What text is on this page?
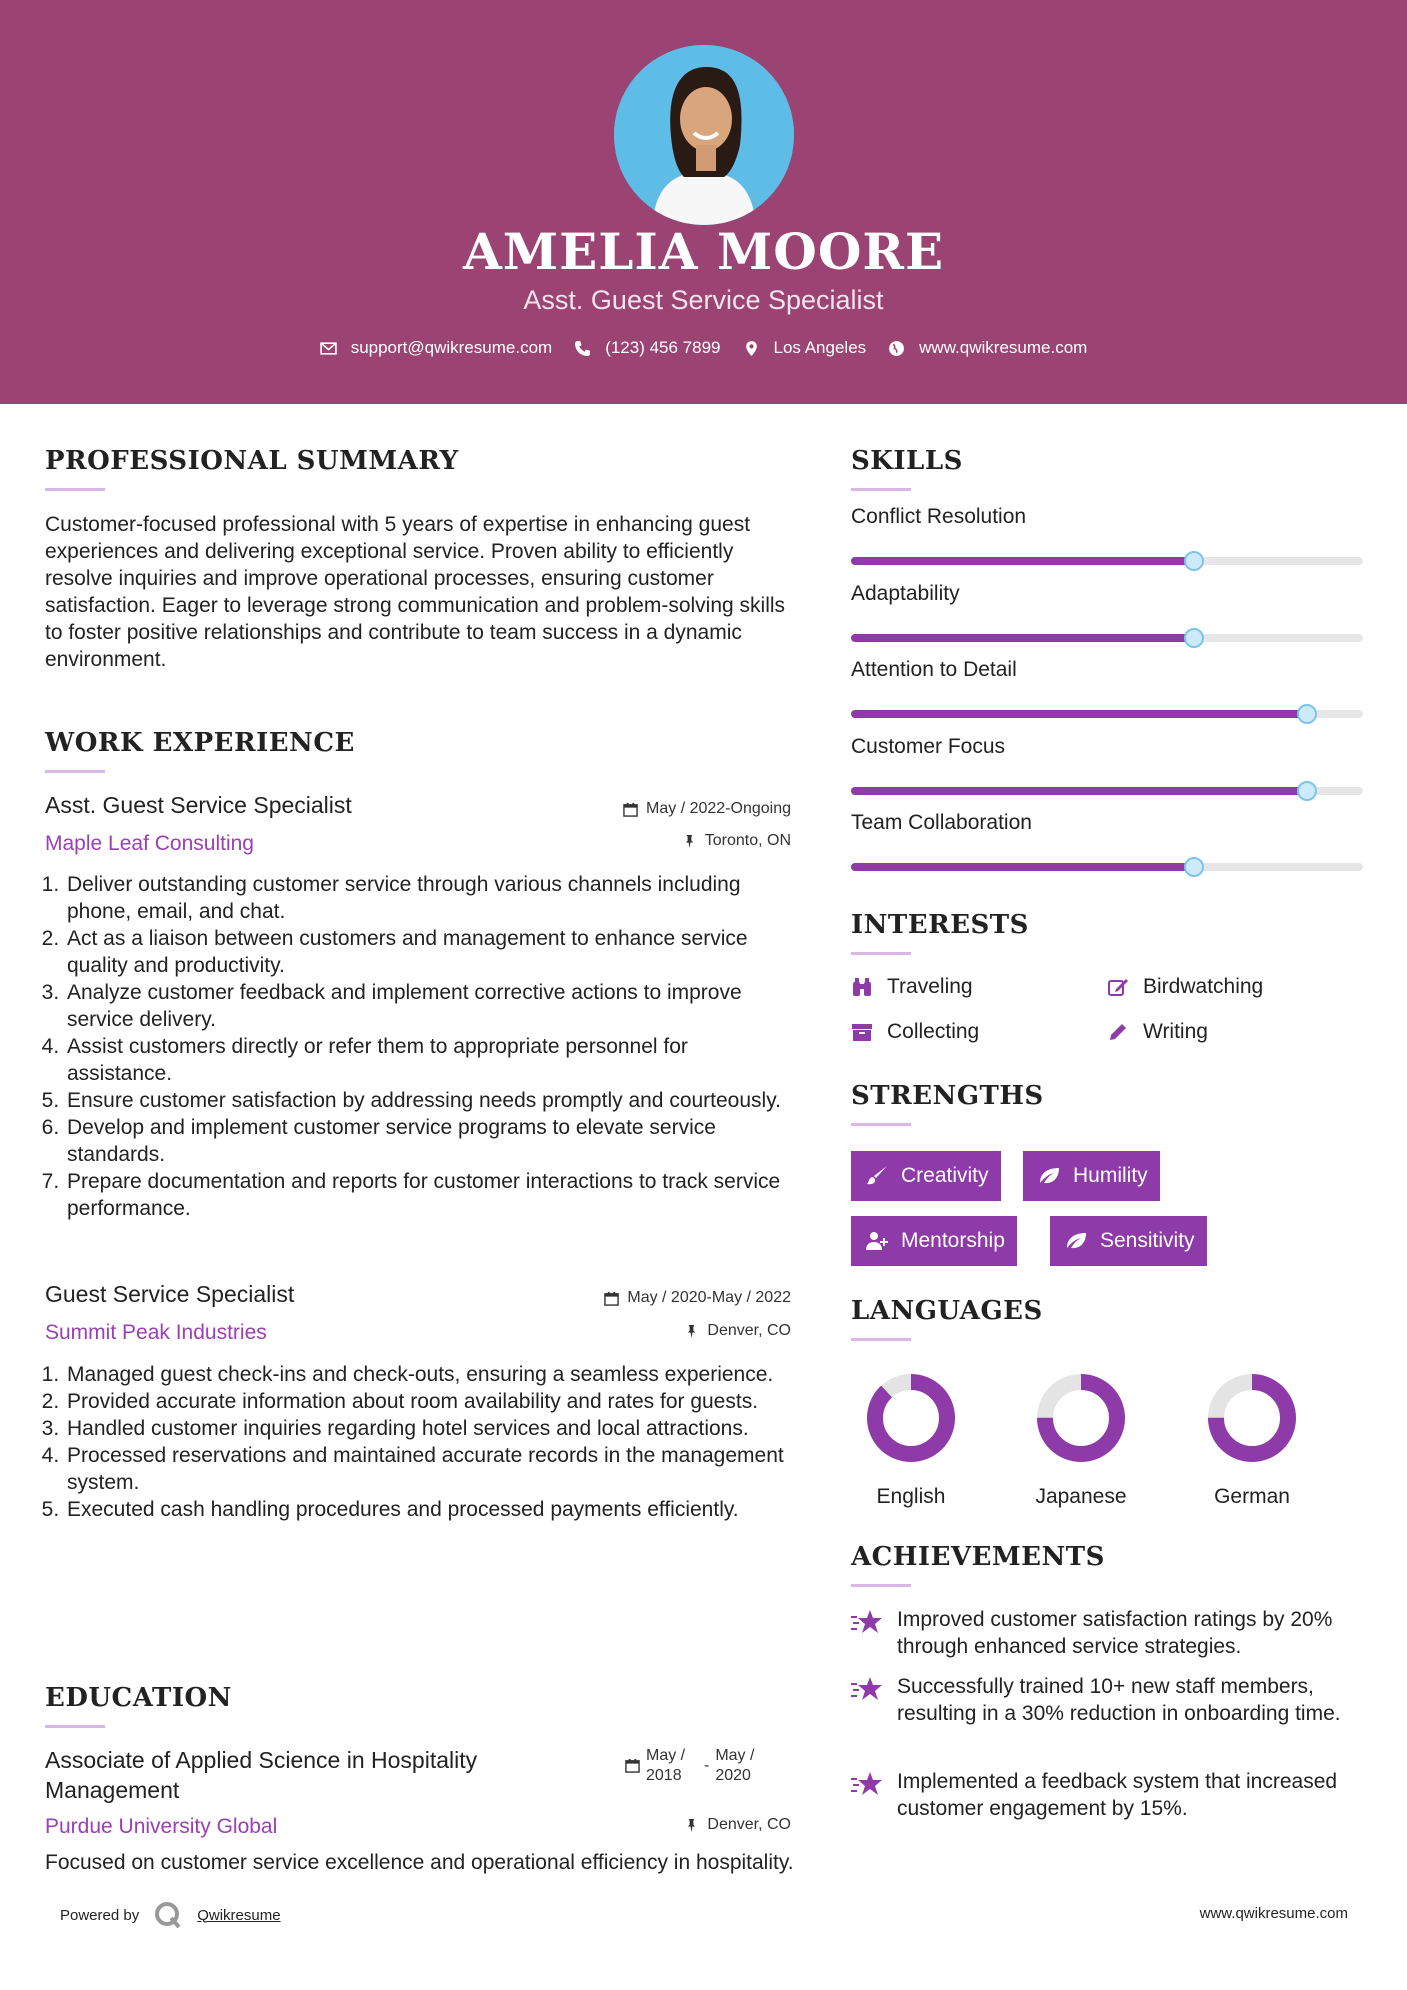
AMELIA MOORE
Asst. Guest Service Specialist
support@qwikresume.com	(123) 456 7899	Los Angeles	www.qwikresume.com
PROFESSIONAL SUMMARY
Customer-focused professional with 5 years of expertise in enhancing guest experiences and delivering exceptional service. Proven ability to efficiently resolve inquiries and improve operational processes, ensuring customer satisfaction. Eager to leverage strong communication and problem-solving skills to foster positive relationships and contribute to team success in a dynamic environment.
WORK EXPERIENCE
Asst. Guest Service Specialist	May / 2022-Ongoing
Maple Leaf Consulting	Toronto, ON
1. Deliver outstanding customer service through various channels including phone, email, and chat.
2. Act as a liaison between customers and management to enhance service quality and productivity.
3. Analyze customer feedback and implement corrective actions to improve service delivery.
4. Assist customers directly or refer them to appropriate personnel for assistance.
5. Ensure customer satisfaction by addressing needs promptly and courteously.
6. Develop and implement customer service programs to elevate service standards.
7. Prepare documentation and reports for customer interactions to track service performance.
Guest Service Specialist	May / 2020-May / 2022
Summit Peak Industries	Denver, CO
1. Managed guest check-ins and check-outs, ensuring a seamless experience.
2. Provided accurate information about room availability and rates for guests.
3. Handled customer inquiries regarding hotel services and local attractions.
4. Processed reservations and maintained accurate records in the management system.
5. Executed cash handling procedures and processed payments efficiently.
EDUCATION
Associate of Applied Science in Hospitality Management
May / 2018
-
May / 2020
Purdue University Global	Denver, CO
Focused on customer service excellence and operational efficiency in hospitality.
SKILLS
Conflict Resolution
Adaptability
Attention to Detail
Customer Focus
Team Collaboration
INTERESTS
Traveling	Birdwatching
Collecting	Writing
STRENGTHS
Creativity	Humility
Mentorship	Sensitivity
LANGUAGES
English	Japanese	German
ACHIEVEMENTS
Improved customer satisfaction ratings by 20% through enhanced service strategies.
Successfully trained 10+ new staff members, resulting in a 30% reduction in onboarding time.
Implemented a feedback system that increased customer engagement by 15%.
Powered by	Qwikresume	www.qwikresume.com
